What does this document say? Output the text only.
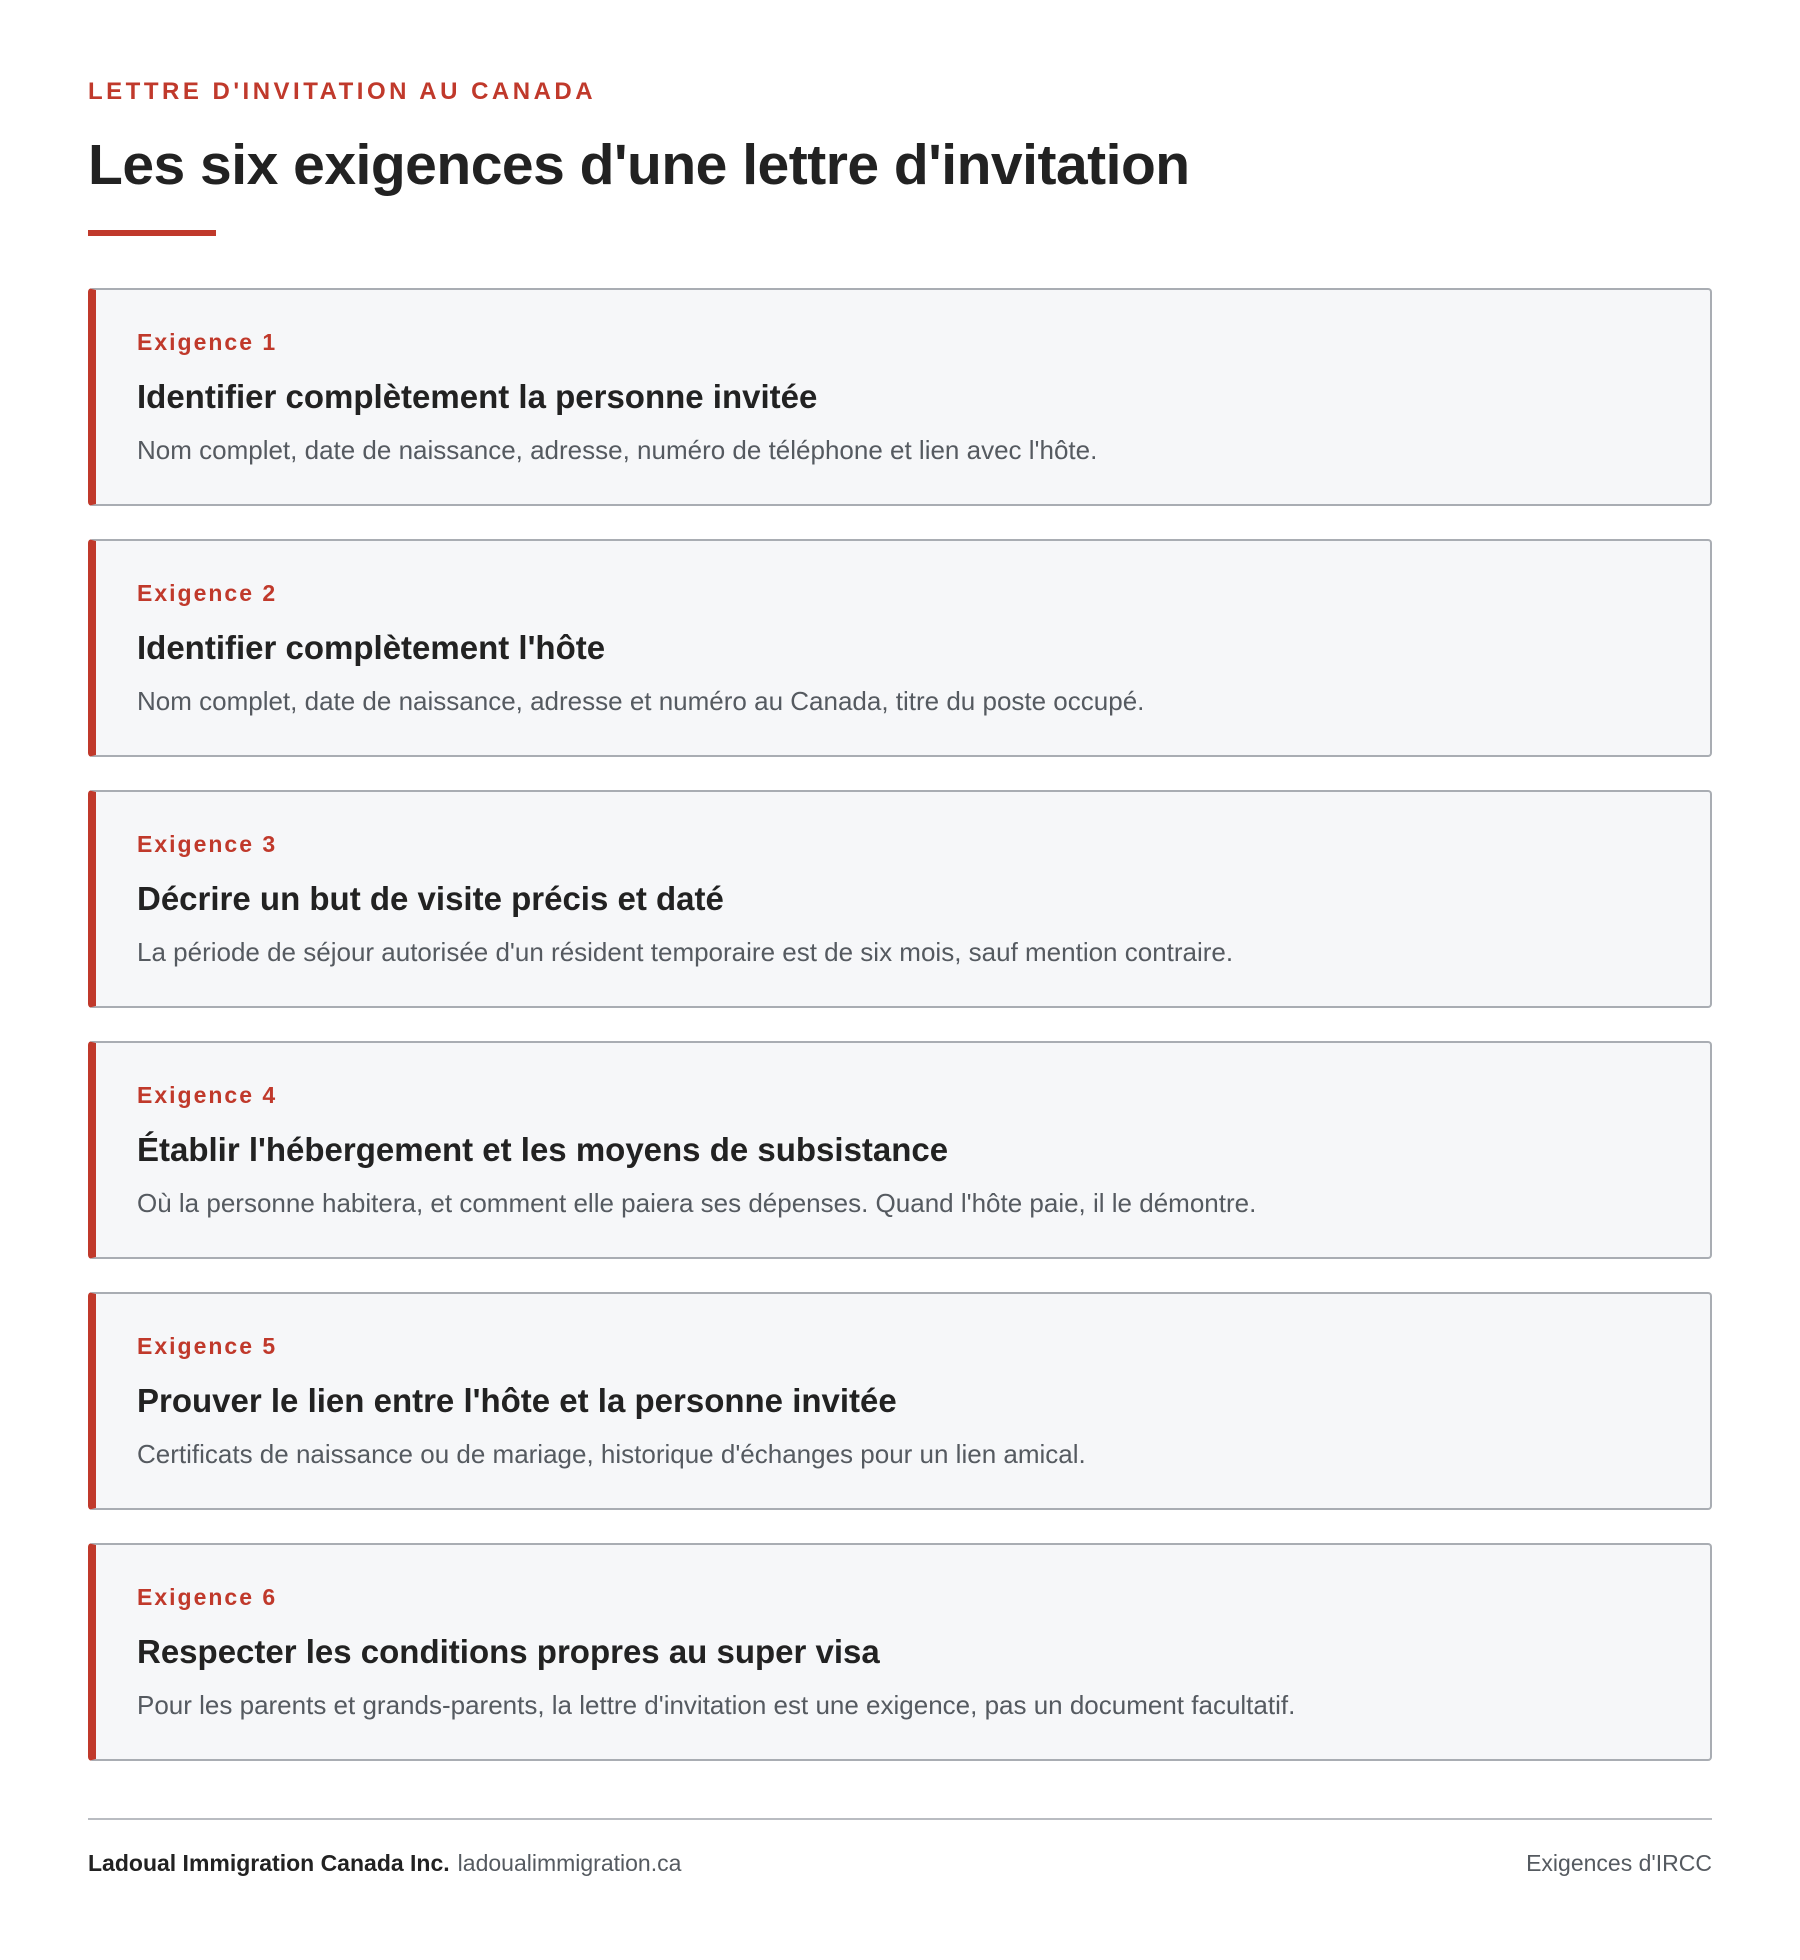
LETTRE D'INVITATION AU CANADA
Les six exigences d'une lettre d'invitation
Exigence 1
Identifier complètement la personne invitée
Nom complet, date de naissance, adresse, numéro de téléphone et lien avec l'hôte.
Exigence 2
Identifier complètement l'hôte
Nom complet, date de naissance, adresse et numéro au Canada, titre du poste occupé.
Exigence 3
Décrire un but de visite précis et daté
La période de séjour autorisée d'un résident temporaire est de six mois, sauf mention contraire.
Exigence 4
Établir l'hébergement et les moyens de subsistance
Où la personne habitera, et comment elle paiera ses dépenses. Quand l'hôte paie, il le démontre.
Exigence 5
Prouver le lien entre l'hôte et la personne invitée
Certificats de naissance ou de mariage, historique d'échanges pour un lien amical.
Exigence 6
Respecter les conditions propres au super visa
Pour les parents et grands-parents, la lettre d'invitation est une exigence, pas un document facultatif.
Ladoual Immigration Canada Inc. ladoualimmigration.ca	Exigences d'IRCC
